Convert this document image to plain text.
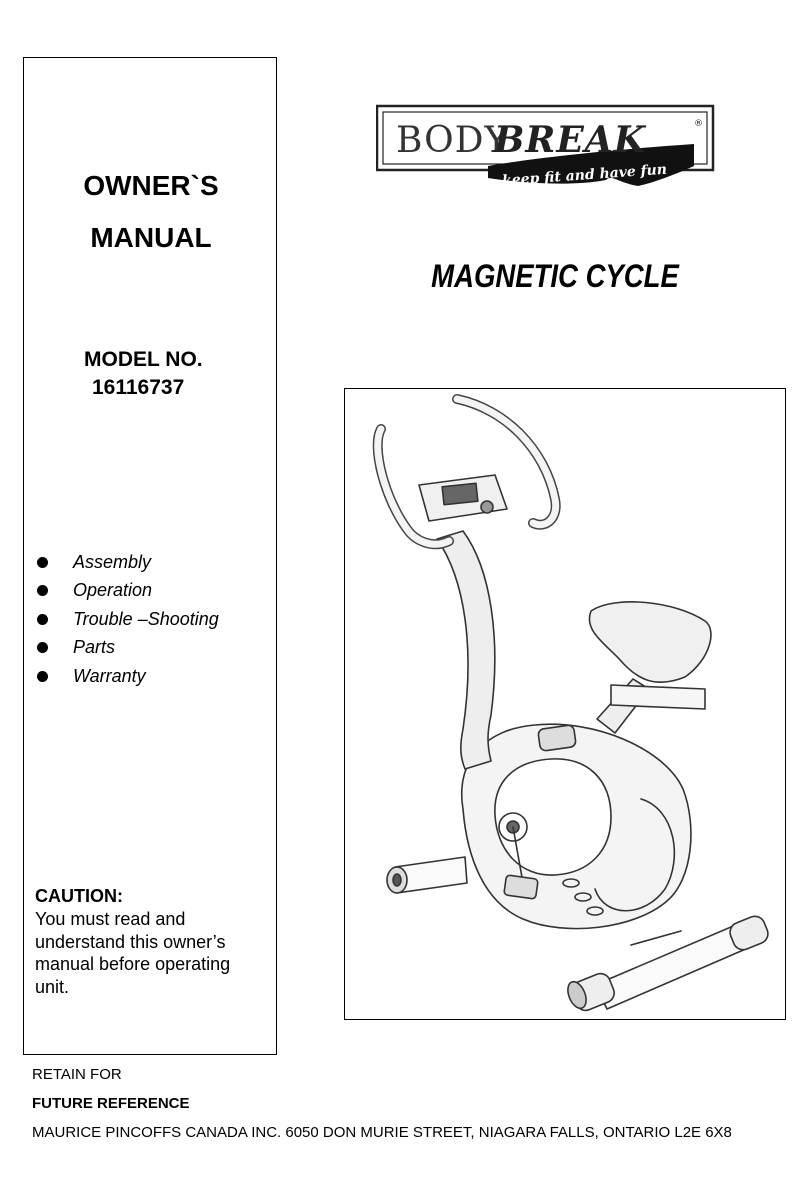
OWNER`S
MANUAL
MODEL NO.
16116737
Assembly
Operation
Trouble –Shooting
Parts
Warranty
CAUTION:
You must read and understand this owner’s manual before operating unit.
BODY
BREAK	®
keep fit and have fun
MAGNETIC CYCLE
RETAIN FOR
FUTURE REFERENCE
MAURICE PINCOFFS CANADA INC. 6050 DON MURIE STREET, NIAGARA FALLS, ONTARIO L2E 6X8
